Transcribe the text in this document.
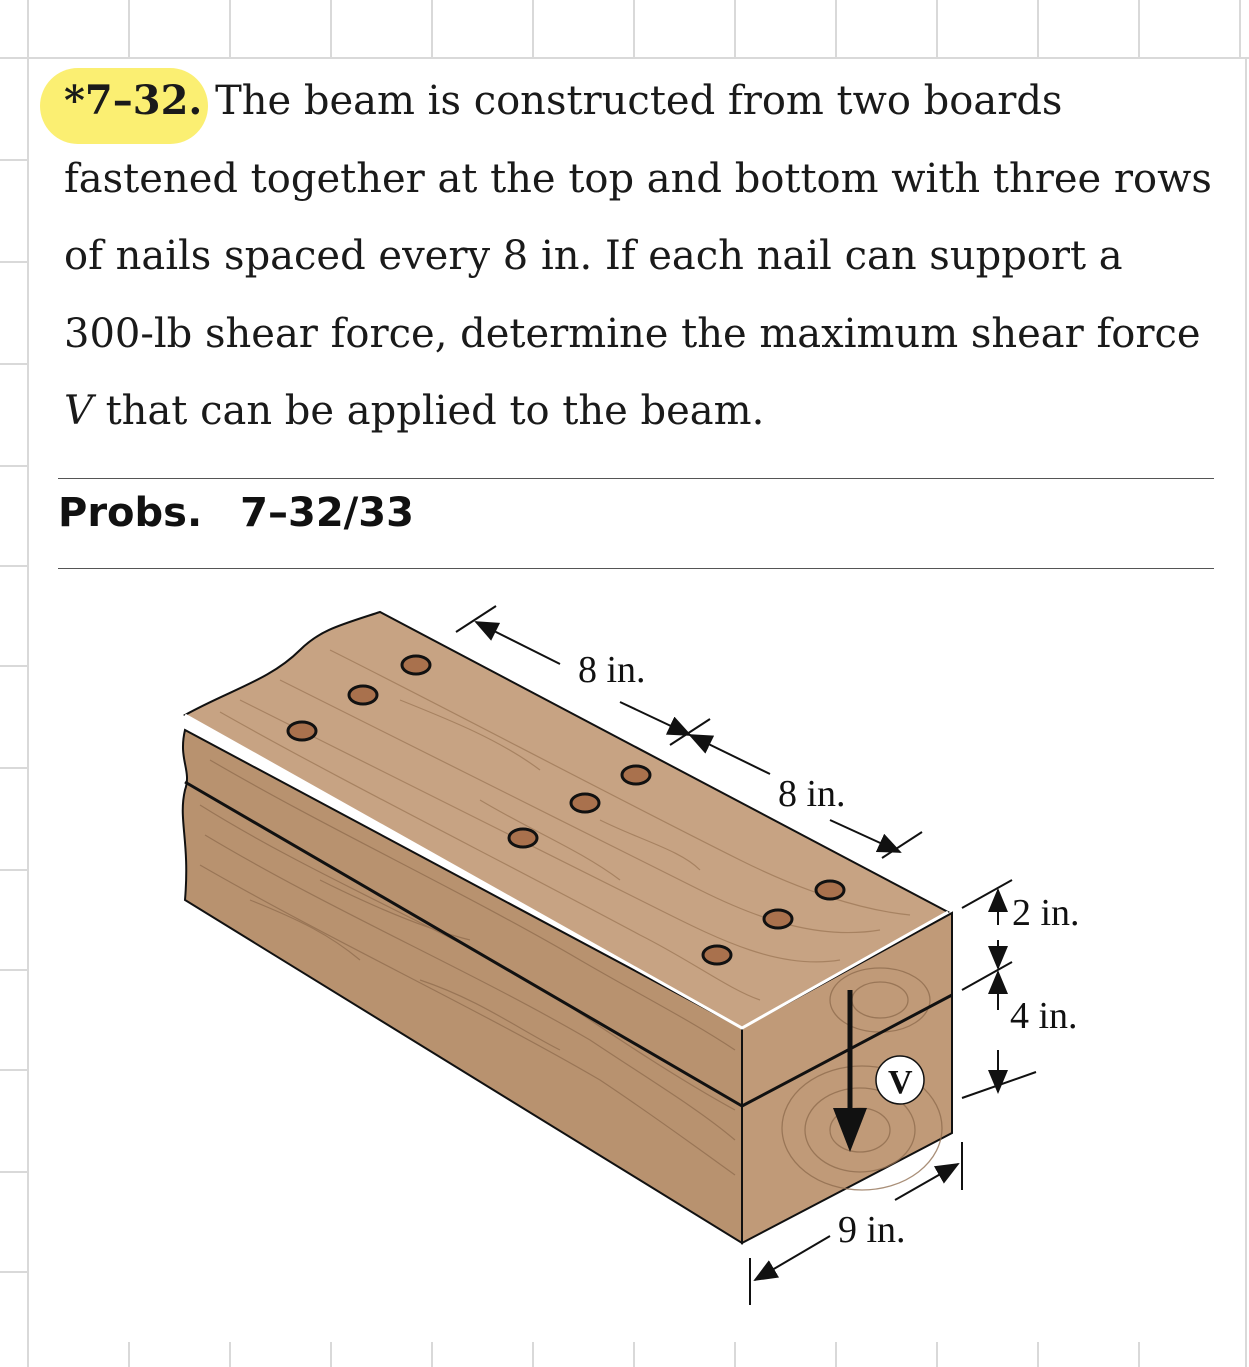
*7–32. The beam is constructed from two boards fastened together at the top and bottom with three rows of nails spaced every 8 in. If each nail can support a 300-lb shear force, determine the maximum shear force V that can be applied to the beam.
Probs. 7–32/33
8 in.
8 in.
2 in.
4 in.
9 in.
V
